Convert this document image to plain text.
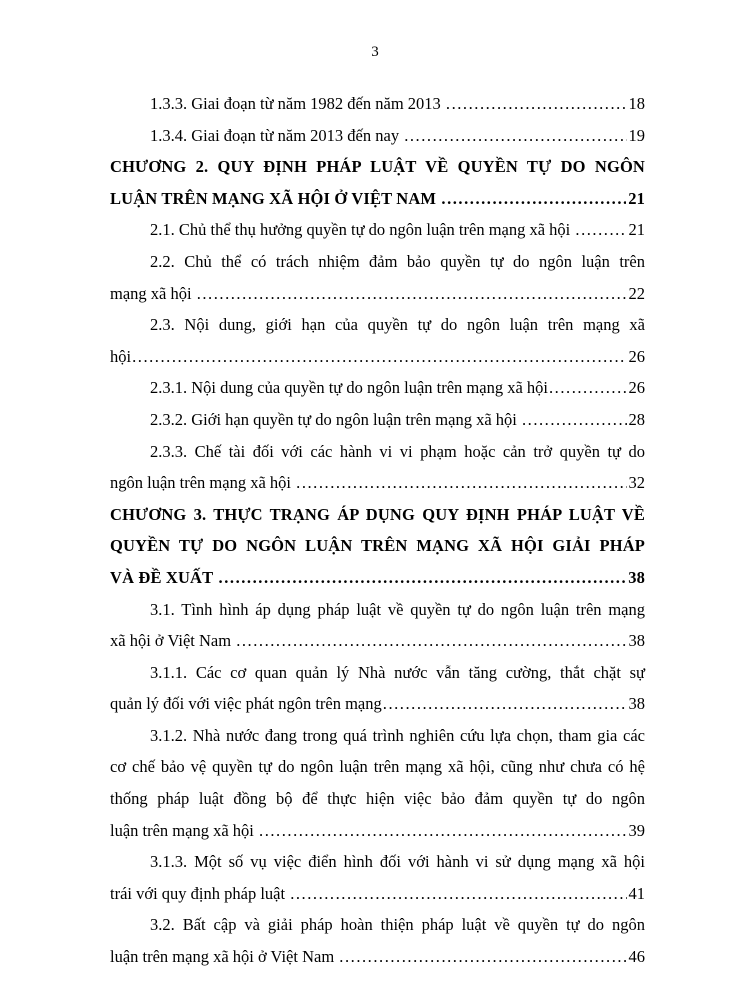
3
1.3.3. Giai đoạn từ năm 1982 đến năm 2013 .....	18
1.3.4. Giai đoạn từ năm 2013 đến nay .....	19
CHƯƠNG 2. QUY ĐỊNH PHÁP LUẬT VỀ QUYỀN TỰ DO NGÔN
LUẬN TRÊN MẠNG XÃ HỘI Ở VIỆT NAM .....	21
2.1. Chủ thể thụ hưởng quyền tự do ngôn luận trên mạng xã hội .....	21
2.2. Chủ thể có trách nhiệm đảm bảo quyền tự do ngôn luận trên
mạng xã hội .....	22
2.3. Nội dung, giới hạn của quyền tự do ngôn luận trên mạng xã
hội .....	26
2.3.1. Nội dung của quyền tự do ngôn luận trên mạng xã hội .....	26
2.3.2. Giới hạn quyền tự do ngôn luận trên mạng xã hội .....	28
2.3.3. Chế tài đối với các hành vi vi phạm hoặc cản trở quyền tự do
ngôn luận trên mạng xã hội .....	32
CHƯƠNG 3. THỰC TRẠNG ÁP DỤNG QUY ĐỊNH PHÁP LUẬT VỀ
QUYỀN TỰ DO NGÔN LUẬN TRÊN MẠNG XÃ HỘI GIẢI PHÁP
VÀ ĐỀ XUẤT .....	38
3.1. Tình hình áp dụng pháp luật về quyền tự do ngôn luận trên mạng
xã hội ở Việt Nam .....	38
3.1.1. Các cơ quan quản lý Nhà nước vẫn tăng cường, thắt chặt sự
quản lý đối với việc phát ngôn trên mạng .....	38
3.1.2. Nhà nước đang trong quá trình nghiên cứu lựa chọn, tham gia các cơ chế bảo vệ quyền tự do ngôn luận trên mạng xã hội, cũng như chưa có hệ thống pháp luật đồng bộ để thực hiện việc bảo đảm quyền tự do ngôn
luận trên mạng xã hội .....	39
3.1.3. Một số vụ việc điển hình đối với hành vi sử dụng mạng xã hội
trái với quy định pháp luật .....	41
3.2. Bất cập và giải pháp hoàn thiện pháp luật về quyền tự do ngôn
luận trên mạng xã hội ở Việt Nam .....	46
